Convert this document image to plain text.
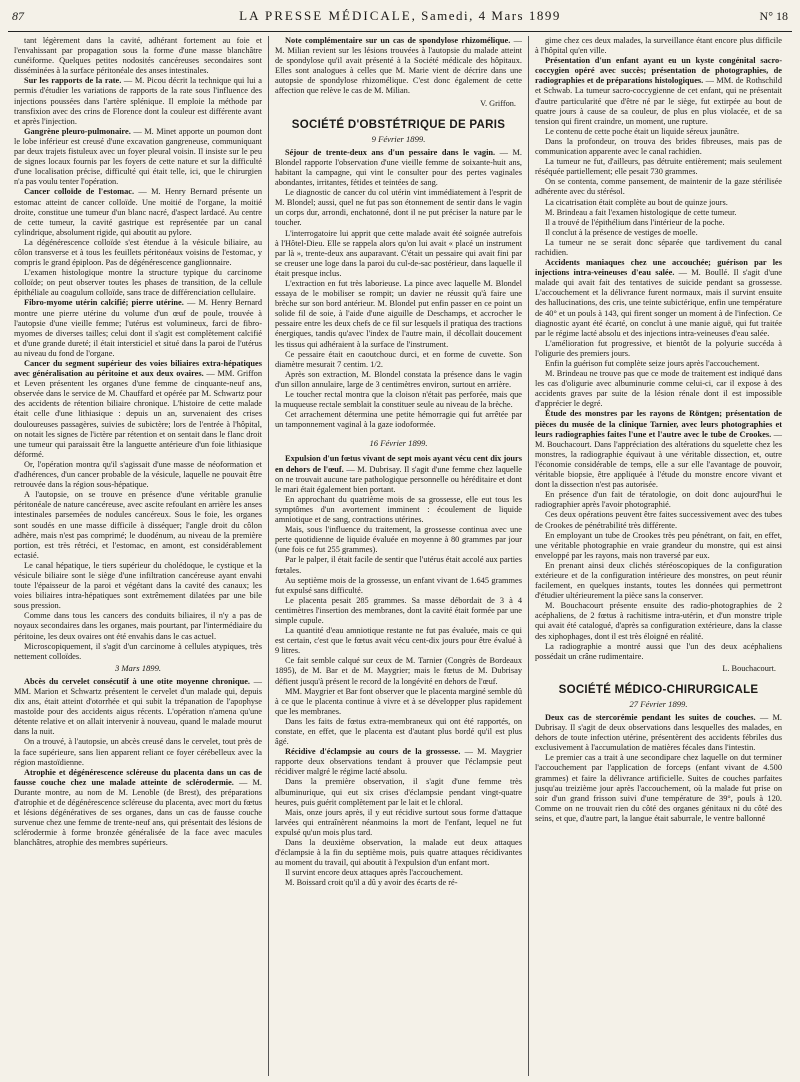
87	LA PRESSE MÉDICALE, Samedi, 4 Mars 1899	N° 18

tant légèrement dans la cavité, adhérant fortement au foie et l'envahissant par propagation sous la forme d'une masse blanchâtre cunéiforme. Quelques petites nodosités cancéreuses secondaires sont disséminées à la surface péritonéale des anses intestinales.

Sur les rapports de la rate. — M. Picou décrit la technique qui lui a permis d'étudier les variations de rapports de la rate sous l'influence des injections poussées dans l'artère splénique. Il emploie la méthode par transfixion avec des crins de Florence dont la couleur est différente avant et après l'injection.

Gangrène pleuro-pulmonaire. — M. Minet apporte un poumon dont le lobe inférieur est creusé d'une excavation gangreneuse, communiquant par deux trajets fistuleux avec un foyer pleural voisin. Il insiste sur le peu de signes locaux fournis par les foyers de cette nature et sur la difficulté d'une localisation précise, difficulté qui était telle, ici, que le chirurgien n'a pas voulu tenter l'opération.

Cancer colloïde de l'estomac. — M. Henry Bernard présente un estomac atteint de cancer colloïde. Une moitié de l'organe, la moitié droite, constitue une tumeur d'un blanc nacré, d'aspect lardacé. Au centre de cette tumeur, la cavité gastrique est représentée par un canal cylindrique, absolument rigide, qui aboutit au pylore.

La dégénérescence colloïde s'est étendue à la vésicule biliaire, au côlon transverse et à tous les feuillets péritonéaux voisins de l'estomac, y compris le grand épiploon. Pas de dégénérescence ganglionnaire.

L'examen histologique montre la structure typique du carcinome colloïde; on peut observer toutes les phases de transition, de la cellule épithéliale au coagulum colloïde, sans trace de différenciation cellulaire.

Fibro-myome utérin calcifié; pierre utérine. — M. Henry Bernard montre une pierre utérine du volume d'un œuf de poule, trouvée à l'autopsie d'une vieille femme; l'utérus est volumineux, farci de fibro-myomes de diverses tailles; celui dont il s'agit est complètement calcifié et d'une grande dureté; il était intersticiel et situé dans la paroi de l'utérus au niveau du fond de l'organe.

Cancer du segment supérieur des voies biliaires extra-hépatiques avec généralisation au péritoine et aux deux ovaires. — MM. Griffon et Leven présentent les organes d'une femme de cinquante-neuf ans, observée dans le service de M. Chauffard et opérée par M. Schwartz pour des accidents de rétention biliaire chronique. L'histoire de cette malade était celle d'une lithiasique : depuis un an, survenaient des crises douloureuses passagères, suivies de subictère; lors de l'entrée à l'hôpital, on notait les signes de l'ictère par rétention et on sentait dans le flanc droit une tumeur qui paraissait être la languette antérieure d'un foie lithiasique déformé.

Or, l'opération montra qu'il s'agissait d'une masse de néoformation et d'adhérences, d'un cancer probable de la vésicule, laquelle ne pouvait être retrouvée dans la région sous-hépatique.

A l'autopsie, on se trouve en présence d'une véritable granulie péritonéale de nature cancéreuse, avec ascite refoulant en arrière les anses intestinales parsemées de nodules cancéreux. Sous le foie, les organes sont soudés en une masse difficile à disséquer; l'angle droit du côlon adhère, mais n'est pas comprimé; le duodénum, au niveau de la première portion, est très rétréci, et l'estomac, en amont, est considérablement ectasié.

Le canal hépatique, le tiers supérieur du cholédoque, le cystique et la vésicule biliaire sont le siège d'une infiltration cancéreuse ayant envahi toute l'épaisseur de la paroi et végétant dans la cavité des canaux; les voies biliaires intra-hépatiques sont extrêmement dilatées par une bile sous pression.

Comme dans tous les cancers des conduits biliaires, il n'y a pas de noyaux secondaires dans les organes, mais pourtant, par l'intermédiaire du péritoine, les deux ovaires ont été envahis dans le cas actuel.

Microscopiquement, il s'agit d'un carcinome à cellules atypiques, très nettement colloïdes.

3 Mars 1899.

Abcès du cervelet consécutif à une otite moyenne chronique. — MM. Marion et Schwartz présentent le cervelet d'un malade qui, depuis dix ans, était atteint d'otorrhée et qui subit la trépanation de l'apophyse mastoïde pour des accidents aigus récents. L'opération n'amena qu'une détente relative et on allait intervenir à nouveau, quand le malade mourut dans la nuit.

On a trouvé, à l'autopsie, un abcès creusé dans le cervelet, tout près de la face supérieure, sans lien apparent reliant ce foyer cérébelleux avec la région mastoïdienne.

Atrophie et dégénérescence scléreuse du placenta dans un cas de fausse couche chez une malade atteinte de sclérodermie. — M. Durante montre, au nom de M. Lenoble (de Brest), des préparations d'atrophie et de dégénérescence scléreuse du placenta, avec mort du fœtus et lésions dégénératives de ses organes, dans un cas de fausse couche survenue chez une femme de trente-neuf ans, qui présentait des lésions de sclérodermie à forme bronzée généralisée de la face avec macules blanchâtres, atrophie des membres supérieurs.

Note complémentaire sur un cas de spondylose rhizomélique. — M. Milian revient sur les lésions trouvées à l'autopsie du malade atteint de spondylose qu'il avait présenté à la Société médicale des hôpitaux. Elles sont analogues à celles que M. Marie vient de décrire dans une autopsie de spondylose rhizomélique. C'est donc également de cette affection que relève le cas de M. Milian.

V. Griffon.
SOCIÉTÉ D'OBSTÉTRIQUE DE PARIS
9 Février 1899.

Séjour de trente-deux ans d'un pessaire dans le vagin. — M. Blondel rapporte l'observation d'une vieille femme de soixante-huit ans, habitant la campagne, qui vint le consulter pour des pertes vaginales abondantes, irritantes, fétides et teintées de sang.

Le diagnostic de cancer du col utérin vint immédiatement à l'esprit de M. Blondel; aussi, quel ne fut pas son étonnement de sentir dans le vagin un corps dur, arrondi, enchatonné, dont il ne put préciser la nature par le toucher.

L'interrogatoire lui apprit que cette malade avait été soignée autrefois à l'Hôtel-Dieu. Elle se rappela alors qu'on lui avait « placé un instrument par là », trente-deux ans auparavant. C'était un pessaire qui avait fini par se creuser une loge dans la paroi du cul-de-sac postérieur, dans laquelle il était presque inclus.

L'extraction en fut très laborieuse. La pince avec laquelle M. Blondel essaya de le mobiliser se rompit; un davier ne réussit qu'à faire une brèche sur son bord antérieur. M. Blondel put enfin passer en ce point un solide fil de soie, à l'aide d'une aiguille de Deschamps, et accrocher le pessaire entre les deux chefs de ce fil sur lesquels il pratiqua des tractions énergiques, tandis qu'avec l'index de l'autre main, il décollait doucement les tissus qui adhéraient à la surface de l'instrument.

Ce pessaire était en caoutchouc durci, et en forme de cuvette. Son diamètre mesurait 7 centim. 1/2.

Après son extraction, M. Blondel constata la présence dans le vagin d'un sillon annulaire, large de 3 centimètres environ, surtout en arrière.

Le toucher rectal montra que la cloison n'était pas perforée, mais que la muqueuse rectale semblait la constituer seule au niveau de la brèche.

Cet arrachement détermina une petite hémorragie qui fut arrêtée par un tamponnement vaginal à la gaze iodoformée.

16 Février 1899.

Expulsion d'un fœtus vivant de sept mois ayant vécu cent dix jours en dehors de l'œuf. — M. Dubrisay. Il s'agit d'une femme chez laquelle on ne trouvait aucune tare pathologique personnelle ou héréditaire et dont le mari était également bien portant.

En approchant du quatrième mois de sa grossesse, elle eut tous les symptômes d'un avortement imminent : écoulement de liquide amniotique et de sang, contractions utérines.

Mais, sous l'influence du traitement, la grossesse continua avec une perte quotidienne de liquide évaluée en moyenne à 80 grammes par jour (une fois ce fut 255 grammes).

Par le palper, il était facile de sentir que l'utérus était accolé aux parties fœtales.

Au septième mois de la grossesse, un enfant vivant de 1.645 grammes fut expulsé sans difficulté.

Le placenta pesait 285 grammes. Sa masse débordait de 3 à 4 centimètres l'insertion des membranes, dont la cavité était formée par une simple cupule.

La quantité d'eau amniotique restante ne fut pas évaluée, mais ce qui est certain, c'est que le fœtus avait vécu cent-dix jours pour être évalué à 9 litres.

Ce fait semble calqué sur ceux de M. Tarnier (Congrès de Bordeaux 1895), de M. Bar et de M. Maygrier; mais le fœtus de M. Dubrisay défient jusqu'à présent le record de la longévité en dehors de l'œuf.

MM. Maygrier et Bar font observer que le placenta marginé semble dû à ce que le placenta continue à vivre et à se développer plus rapidement que les membranes.

Dans les faits de fœtus extra-membraneux qui ont été rapportés, on constate, en effet, que le placenta est d'autant plus bordé qu'il est plus âgé.

Récidive d'éclampsie au cours de la grossesse. — M. Maygrier rapporte deux observations tendant à prouver que l'éclampsie peut récidiver malgré le régime lacté absolu.

Dans la première observation, il s'agit d'une femme très albuminurique, qui eut six crises d'éclampsie pendant vingt-quatre heures, puis guérit complètement par le lait et le chloral.

Mais, onze jours après, il y eut récidive surtout sous forme d'attaque larvées qui entraînèrent néanmoins la mort de l'enfant, lequel ne fut expulsé qu'un mois plus tard.

Dans la deuxième observation, la malade eut deux attaques d'éclampsie à la fin du septième mois, puis quatre attaques récidivantes au moment du travail, qui aboutit à l'expulsion d'un enfant mort.

Il survint encore deux attaques après l'accouchement.

M. Boissard croit qu'il a dû y avoir des écarts de ré-

gime chez ces deux malades, la surveillance étant encore plus difficile à l'hôpital qu'en ville.

Présentation d'un enfant ayant eu un kyste congénital sacro-coccygien opéré avec succès; présentation de photographies, de radiographies et de préparations histologiques. — MM. de Rothschild et Schwab. La tumeur sacro-coccygienne de cet enfant, qui ne présentait d'autre particularité que d'être né par le siège, fut extirpée au bout de quatre jours à cause de sa couleur, de plus en plus violacée, et de sa tension qui firent craindre, un moment, une rupture.

Le contenu de cette poche était un liquide séreux jaunâtre.

Dans la profondeur, on trouva des brides fibreuses, mais pas de communication apparente avec le canal rachidien.

La tumeur ne fut, d'ailleurs, pas détruite entièrement; mais seulement réséquée partiellement; elle pesait 730 grammes.

On se contenta, comme pansement, de maintenir de la gaze stérilisée adhérente avec du stérésol.

La cicatrisation était complète au bout de quinze jours.

M. Brindeau a fait l'examen histologique de cette tumeur.

Il a trouvé de l'épithélium dans l'intérieur de la poche.

Il conclut à la présence de vestiges de moelle.

La tumeur ne se serait donc séparée que tardivement du canal rachidien.

Accidents maniaques chez une accouchée; guérison par les injections intra-veineuses d'eau salée. — M. Boullé. Il s'agit d'une malade qui avait fait des tentatives de suicide pendant sa grossesse. L'accouchement et la délivrance furent normaux, mais il survint ensuite des hallucinations, des cris, une teinte subictérique, enfin une température de 40° et un pouls à 143, qui firent songer un moment à de l'infection. Ce diagnostic ayant été écarté, on conclut à une manie aiguë, qui fut traitée par le régime lacté absolu et des injections intra-veineuses d'eau salée.

L'amélioration fut progressive, et bientôt de la polyurie succéda à l'oligurie des premiers jours.

Enfin la guérison fut complète seize jours après l'accouchement.

M. Brindeau ne trouve pas que ce mode de traitement est indiqué dans les cas d'oligurie avec albuminurie comme celui-ci, car il expose à des accidents graves par suite de la lésion rénale dont il est impossible d'apprécier le degré.

Étude des monstres par les rayons de Röntgen; présentation de pièces du musée de la clinique Tarnier, avec leurs photographies et leurs radiographies faites l'une et l'autre avec le tube de Crookes. — M. Bouchacourt. Dans l'appréciation des altérations du squelette chez les monstres, la radiographie équivaut à une véritable dissection, et, outre l'économie considérable de temps, elle a sur elle l'avantage de pouvoir, véritable biopsie, être appliquée à l'étude du monstre encore vivant et dont la dissection n'est pas autorisée.

En présence d'un fait de tératologie, on doit donc aujourd'hui le radiographier après l'avoir photographié.

Ces deux opérations peuvent être faites successivement avec des tubes de Crookes de pénétrabilité très différente.

En employant un tube de Crookes très peu pénétrant, on fait, en effet, une véritable photographie en vraie grandeur du monstre, qui est ainsi enveloppé par les rayons, mais non traversé par eux.

En prenant ainsi deux clichés stéréoscopiques de la configuration extérieure et de la configuration intérieure des monstres, on peut réunir facilement, en quelques instants, toutes les données qui permettront d'étudier ultérieurement la pièce sans la conserver.

M. Bouchacourt présente ensuite des radio-photographies de 2 acéphaliens, de 2 fœtus à rachitisme intra-utérin, et d'un monstre triple qui avait été catalogué, d'après sa configuration extérieure, dans la classe des xiphophages, dont il est très éloigné en réalité.

La radiographie a montré aussi que l'un des deux acéphaliens possédait un crâne rudimentaire.

L. Bouchacourt.
SOCIÉTÉ MÉDICO-CHIRURGICALE
27 Février 1899.

Deux cas de stercorémie pendant les suites de couches. — M. Dubrisay. Il s'agit de deux observations dans lesquelles des malades, en dehors de toute infection utérine, présentèrent des accidents fébriles dus exclusivement à l'accumulation de matières fécales dans l'intestin.

Le premier cas a trait à une secondipare chez laquelle on dut terminer l'accouchement par l'application de forceps (enfant vivant de 4.500 grammes) et faire la délivrance artificielle. Suites de couches parfaites jusqu'au treizième jour après l'accouchement, où la malade fut prise on soir d'un grand frisson suivi d'une température de 39°, pouls à 120. Comme on ne trouvait rien du côté des organes génitaux ni du côté des seins, et que, d'autre part, la langue était saburrale, le ventre ballonné
